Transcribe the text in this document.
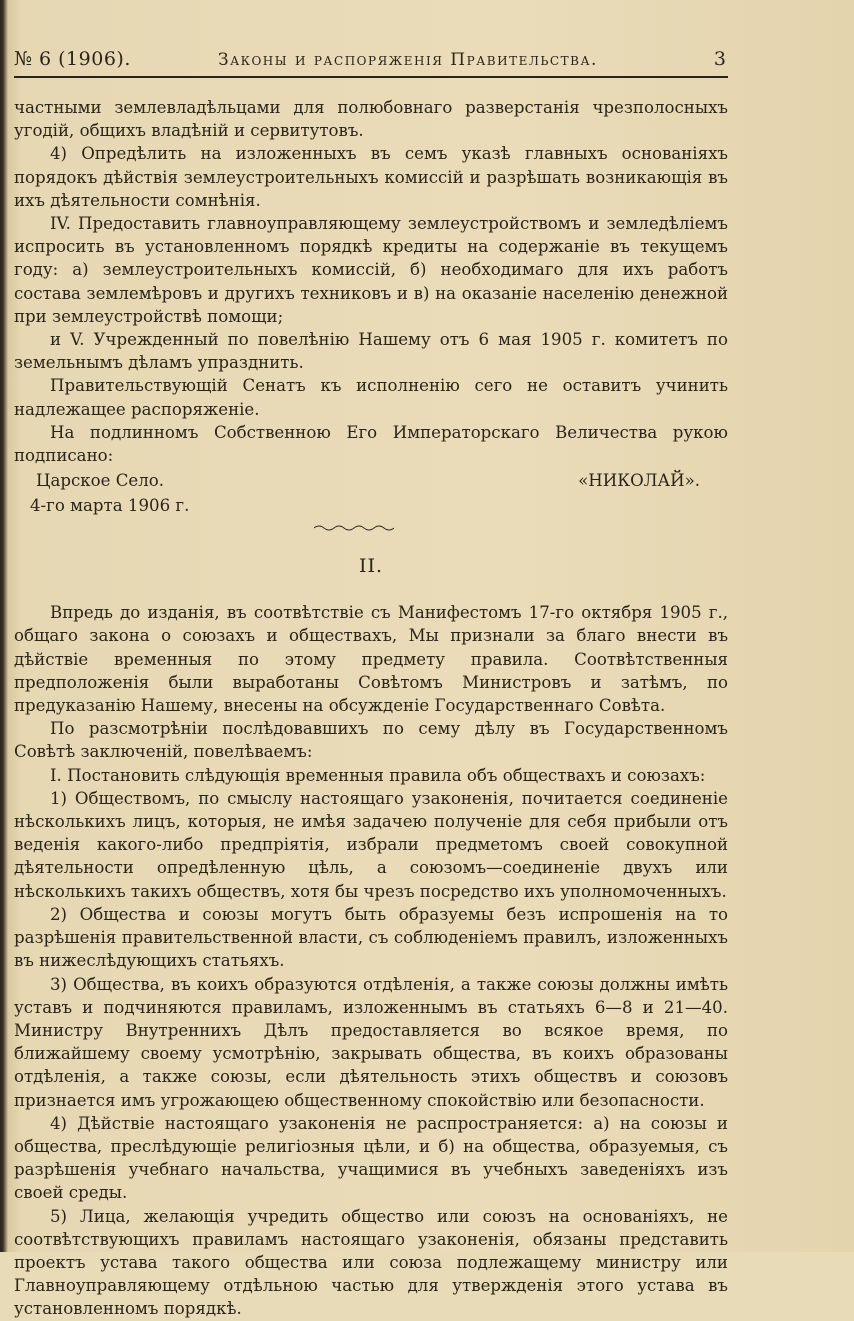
№ 6 (1906).	Законы и распоряженія Правительства.	3

частными землевладѣльцами для полюбовнаго разверстанія чрезполосныхъ угодій, общихъ владѣній и сервитутовъ.

4) Опредѣлить на изложенныхъ въ семъ указѣ главныхъ основаніяхъ порядокъ дѣйствія землеустроительныхъ комиссій и разрѣшать возникающія въ ихъ дѣятельности сомнѣнія.

IV. Предоставить главноуправляющему землеустройствомъ и земледѣліемъ испросить въ установленномъ порядкѣ кредиты на содержаніе въ текущемъ году: а) землеустроительныхъ комиссій, б) необходимаго для ихъ работъ состава землемѣровъ и другихъ техниковъ и в) на оказаніе населенію денежной при землеустройствѣ помощи;

и V. Учрежденный по повелѣнію Нашему отъ 6 мая 1905 г. комитетъ по земельнымъ дѣламъ упразднить.

Правительствующій Сенатъ къ исполненію сего не оставитъ учинить надлежащее распоряженіе.

На подлинномъ Собственною Его Императорскаго Величества рукою подписано:

Царское Село.
4-го марта 1906 г.
«НИКОЛАЙ».
II.

Впредь до изданія, въ соотвѣтствіе съ Манифестомъ 17-го октября 1905 г., общаго закона о союзахъ и обществахъ, Мы признали за благо внести въ дѣйствіе временныя по этому предмету правила. Соотвѣтственныя предположенія были выработаны Совѣтомъ Министровъ и затѣмъ, по предуказанію Нашему, внесены на обсужденіе Государственнаго Совѣта.

По разсмотрѣніи послѣдовавшихъ по сему дѣлу въ Государственномъ Совѣтѣ заключеній, повелѣваемъ:

I. Постановить слѣдующія временныя правила объ обществахъ и союзахъ:

1) Обществомъ, по смыслу настоящаго узаконенія, почитается соединеніе нѣсколькихъ лицъ, которыя, не имѣя задачею полученіе для себя прибыли отъ веденія какого-либо предпріятія, избрали предметомъ своей совокупной дѣятельности опредѣленную цѣль, а союзомъ—соединеніе двухъ или нѣсколькихъ такихъ обществъ, хотя бы чрезъ посредство ихъ уполномоченныхъ.

2) Общества и союзы могутъ быть образуемы безъ испрошенія на то разрѣшенія правительственной власти, съ соблюденіемъ правилъ, изложенныхъ въ нижеслѣдующихъ статьяхъ.

3) Общества, въ коихъ образуются отдѣленія, а также союзы должны имѣть уставъ и подчиняются правиламъ, изложеннымъ въ статьяхъ 6—8 и 21—40. Министру Внутреннихъ Дѣлъ предоставляется во всякое время, по ближайшему своему усмотрѣнію, закрывать общества, въ коихъ образованы отдѣленія, а также союзы, если дѣятельность этихъ обществъ и союзовъ признается имъ угрожающею общественному спокойствію или безопасности.

4) Дѣйствіе настоящаго узаконенія не распространяется: а) на союзы и общества, преслѣдующіе религіозныя цѣли, и б) на общества, образуемыя, съ разрѣшенія учебнаго начальства, учащимися въ учебныхъ заведеніяхъ изъ своей среды.

5) Лица, желающія учредить общество или союзъ на основаніяхъ, не соотвѣтствующихъ правиламъ настоящаго узаконенія, обязаны представить проектъ устава такого общества или союза подлежащему министру или Главноуправляющему отдѣльною частью для утвержденія этого устава въ установленномъ порядкѣ.
